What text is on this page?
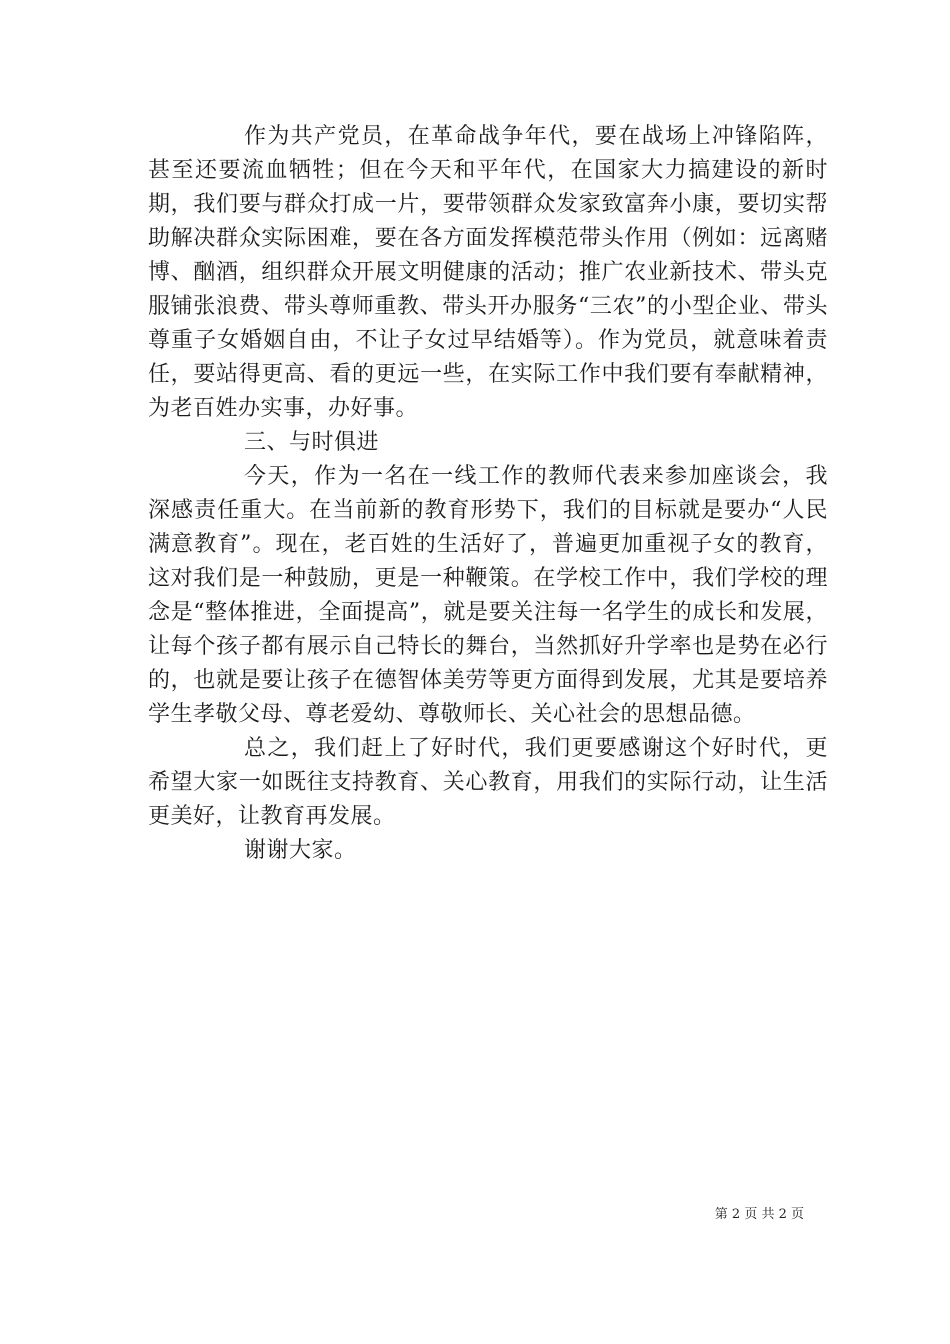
作为共产党员，在革命战争年代，要在战场上冲锋陷阵，甚至还要流血牺牲；但在今天和平年代，在国家大力搞建设的新时期，我们要与群众打成一片，要带领群众发家致富奔小康，要切实帮助解决群众实际困难，要在各方面发挥模范带头作用（例如：远离赌博、酗酒，组织群众开展文明健康的活动；推广农业新技术、带头克服铺张浪费、带头尊师重教、带头开办服务“三农”的小型企业、带头尊重子女婚姻自由，不让子女过早结婚等）。作为党员，就意味着责任，要站得更高、看的更远一些，在实际工作中我们要有奉献精神，为老百姓办实事，办好事。

三、与时俱进

今天，作为一名在一线工作的教师代表来参加座谈会，我深感责任重大。在当前新的教育形势下，我们的目标就是要办“人民满意教育”。现在，老百姓的生活好了，普遍更加重视子女的教育，这对我们是一种鼓励，更是一种鞭策。在学校工作中，我们学校的理念是“整体推进，全面提高”，就是要关注每一名学生的成长和发展，让每个孩子都有展示自己特长的舞台，当然抓好升学率也是势在必行的，也就是要让孩子在德智体美劳等更方面得到发展，尤其是要培养学生孝敬父母、尊老爱幼、尊敬师长、关心社会的思想品德。

总之，我们赶上了好时代，我们更要感谢这个好时代，更希望大家一如既往支持教育、关心教育，用我们的实际行动，让生活更美好，让教育再发展。

谢谢大家。

第 2 页 共 2 页
